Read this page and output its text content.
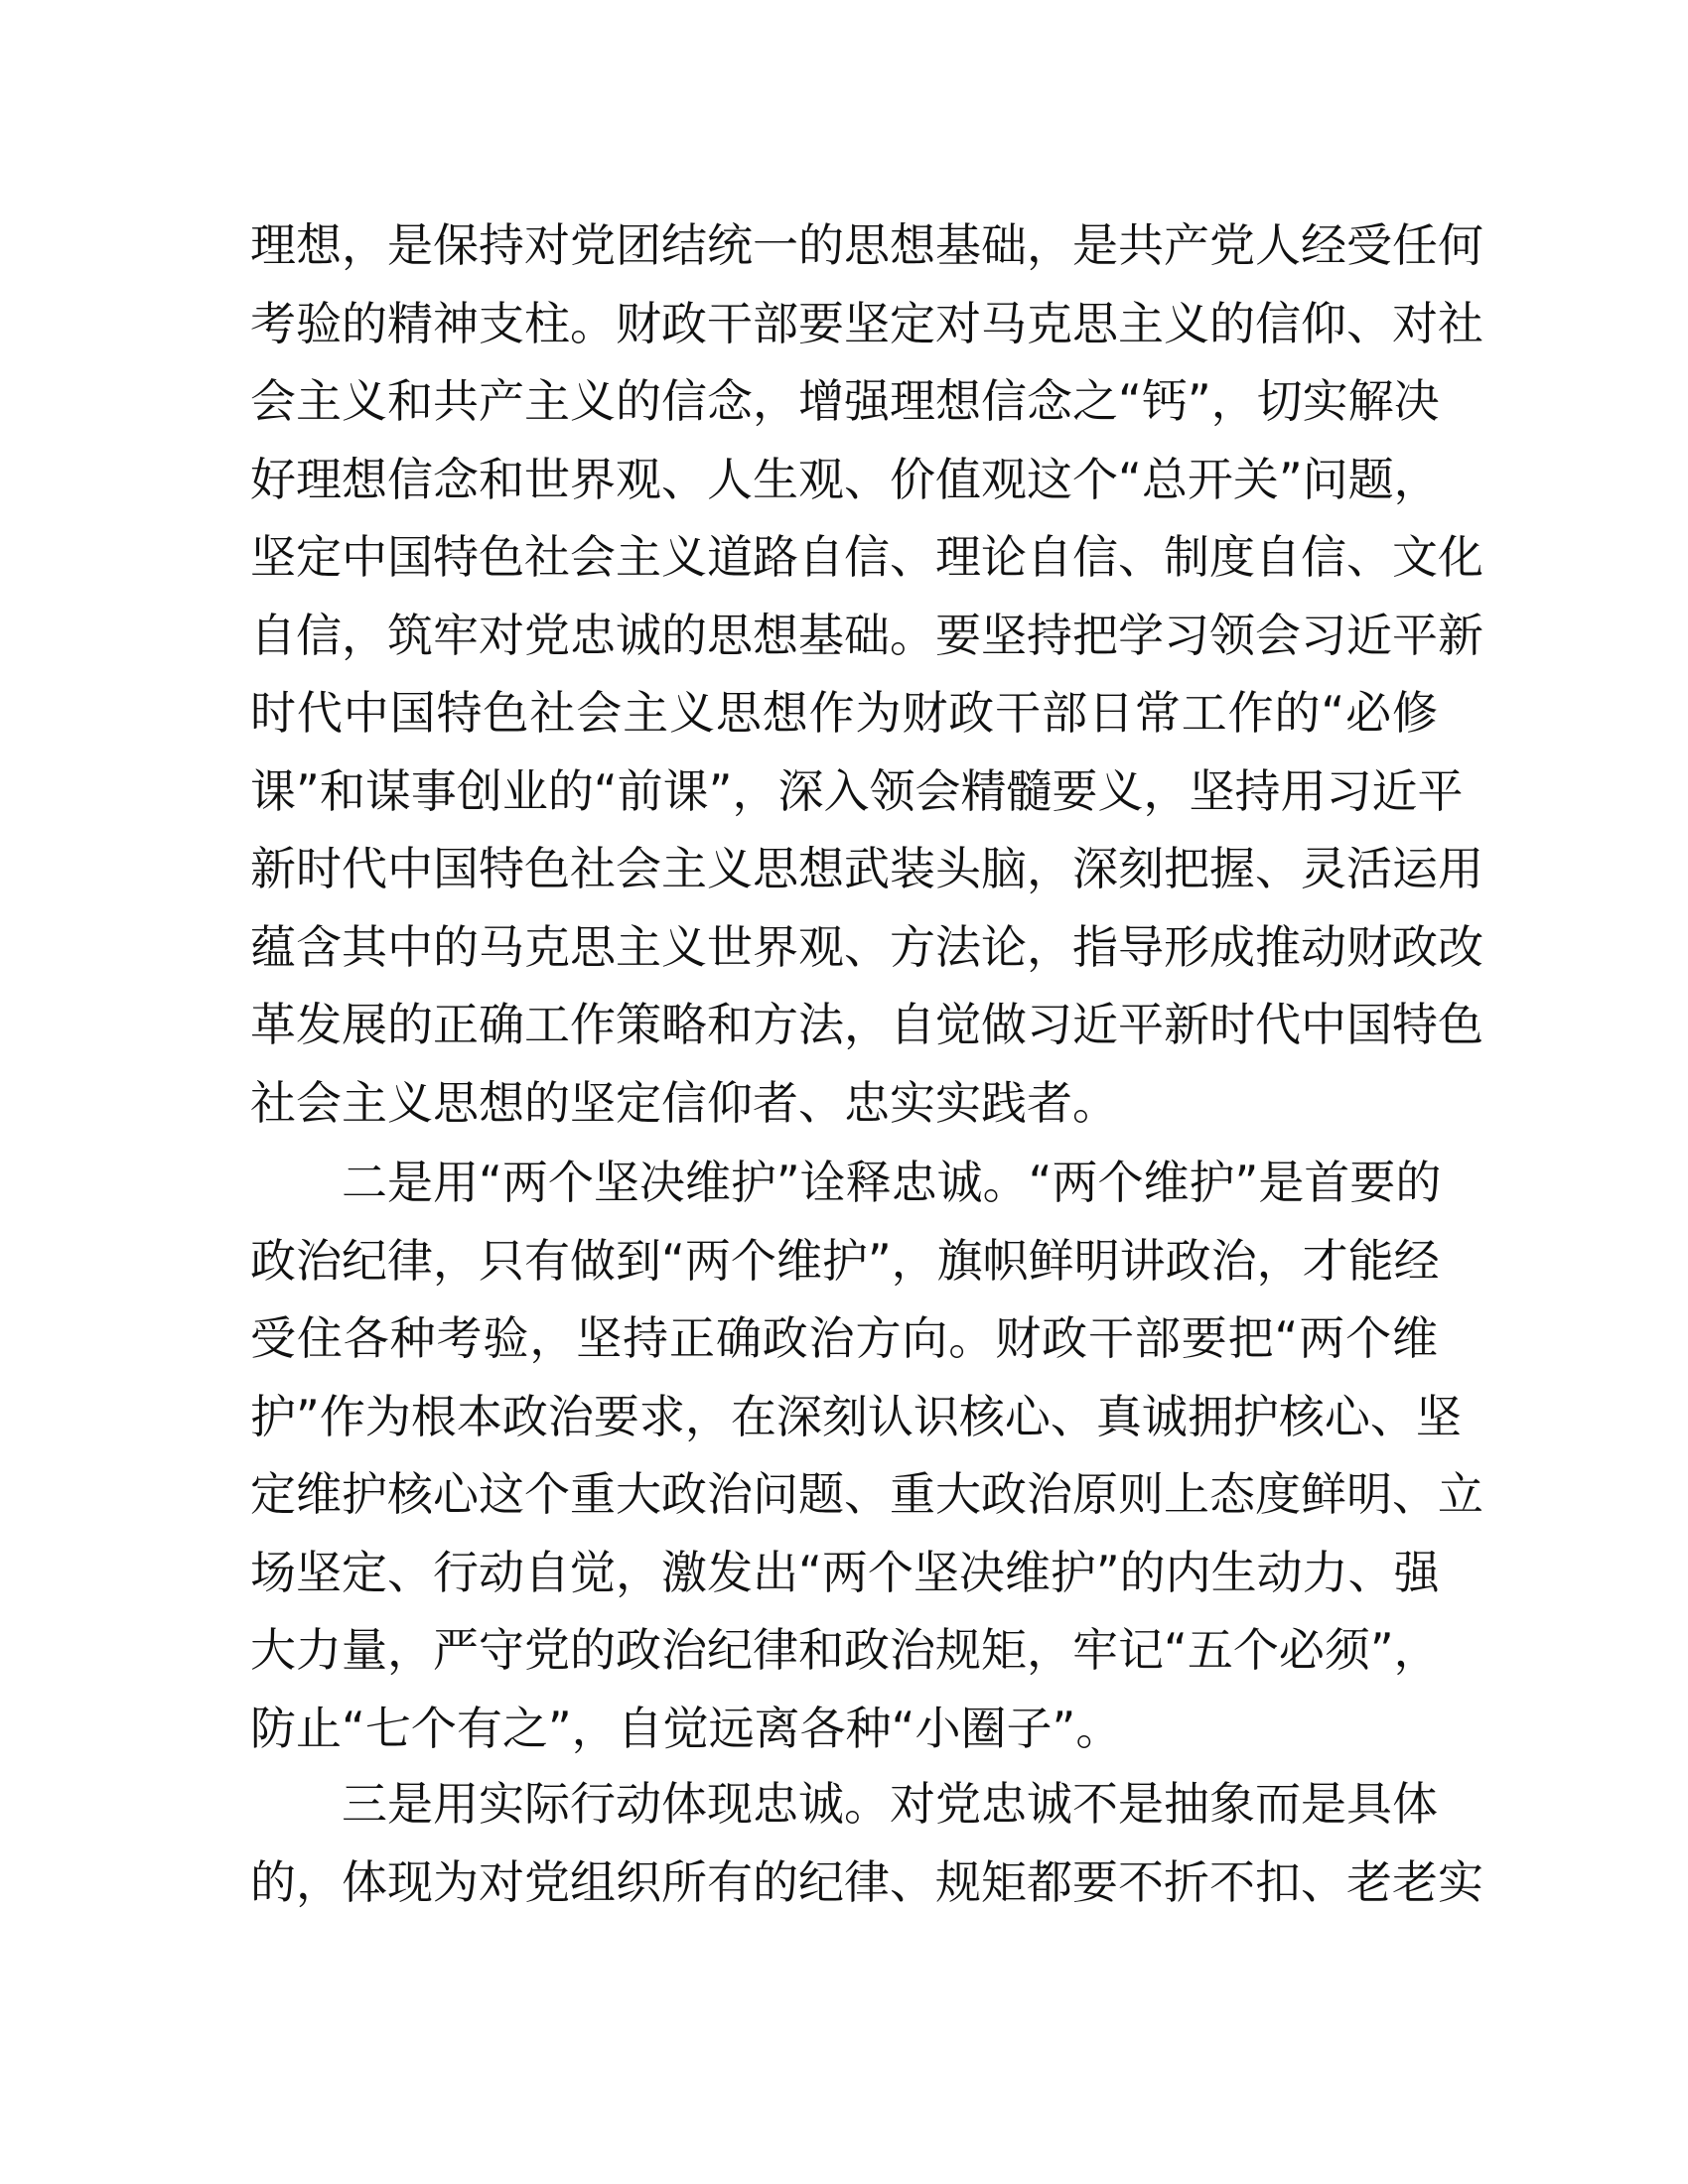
理想，是保持对党团结统一的思想基础，是共产党人经受任何
考验的精神支柱。财政干部要坚定对马克思主义的信仰、对社
会主义和共产主义的信念，增强理想信念之“钙”，切实解决
好理想信念和世界观、人生观、价值观这个“总开关”问题，
坚定中国特色社会主义道路自信、理论自信、制度自信、文化
自信，筑牢对党忠诚的思想基础。要坚持把学习领会习近平新
时代中国特色社会主义思想作为财政干部日常工作的“必修
课”和谋事创业的“前课”，深入领会精髓要义，坚持用习近平
新时代中国特色社会主义思想武装头脑，深刻把握、灵活运用
蕴含其中的马克思主义世界观、方法论，指导形成推动财政改
革发展的正确工作策略和方法，自觉做习近平新时代中国特色
社会主义思想的坚定信仰者、忠实实践者。
二是用“两个坚决维护”诠释忠诚。“两个维护”是首要的
政治纪律，只有做到“两个维护”，旗帜鲜明讲政治，才能经
受住各种考验，坚持正确政治方向。财政干部要把“两个维
护”作为根本政治要求，在深刻认识核心、真诚拥护核心、坚
定维护核心这个重大政治问题、重大政治原则上态度鲜明、立
场坚定、行动自觉，激发出“两个坚决维护”的内生动力、强
大力量，严守党的政治纪律和政治规矩，牢记“五个必须”，
防止“七个有之”，自觉远离各种“小圈子”。
三是用实际行动体现忠诚。对党忠诚不是抽象而是具体
的，体现为对党组织所有的纪律、规矩都要不折不扣、老老实
